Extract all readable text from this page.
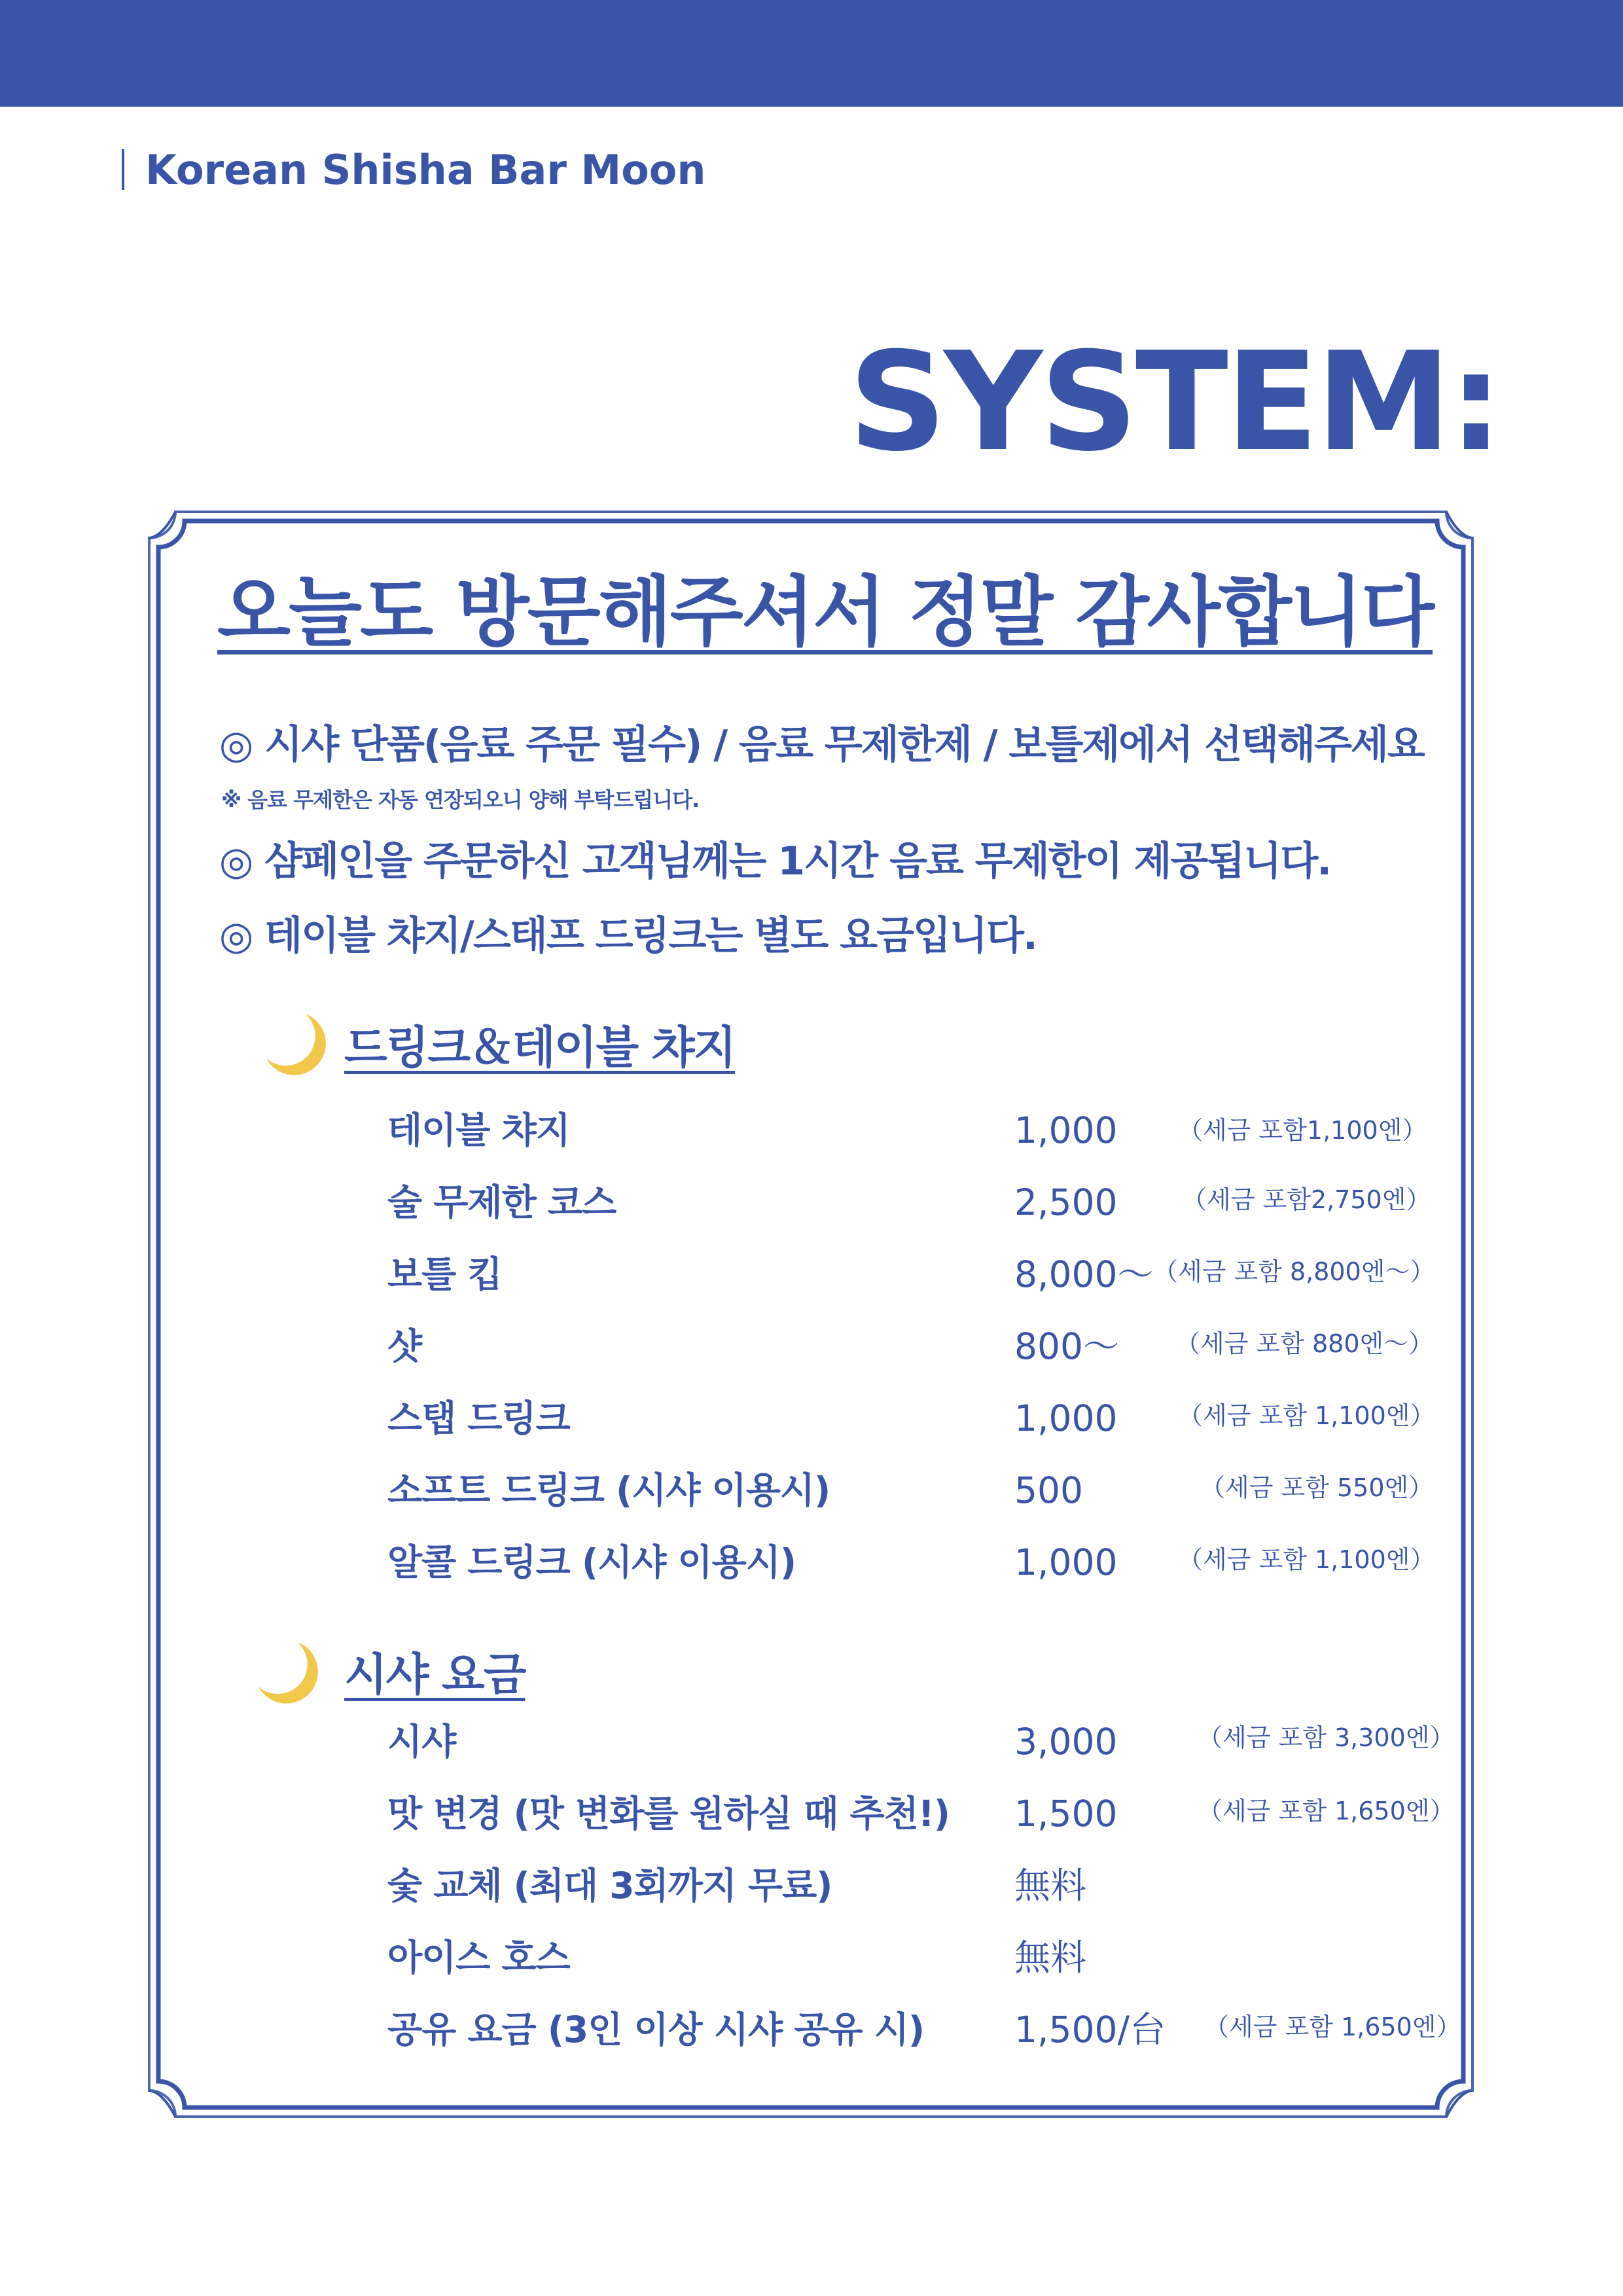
Korean Shisha Bar Moon
SYSTEM:
오늘도 방문해주셔서 정말 감사합니다
◎ 시샤 단품(음료 주문 필수) / 음료 무제한제 / 보틀제에서 선택해주세요
※ 음료 무제한은 자동 연장되오니 양해 부탁드립니다.
◎ 샴페인을 주문하신 고객님께는 1시간 음료 무제한이 제공됩니다.
◎ 테이블 챠지/스태프 드링크는 별도 요금입니다.
드링크＆테이블 챠지
테이블 챠지	1,000 （세금 포함1,100엔）
술 무제한 코스	2,500	（세금 포함2,750엔）
보틀 킵	8,000～ （세금 포함 8,800엔～）
샷	800～ （세금 포함 880엔～）
스탭 드링크	1,000 （세금 포함 1,100엔）
소프트 드링크 (시샤 이용시)	500	（세금 포함 550엔）
알콜 드링크 (시샤 이용시)	1,000 （세금 포함 1,100엔）
시샤 요금
시샤	3,000	（세금 포함 3,300엔）
맛 변경 (맛 변화를 원하실 때 추천!) 1,500	（세금 포함 1,650엔）
숯 교체 (최대 3회까지 무료)	無料
아이스 호스	無料
공유 요금 (3인 이상 시샤 공유 시)	1,500/台 （세금 포함 1,650엔）
